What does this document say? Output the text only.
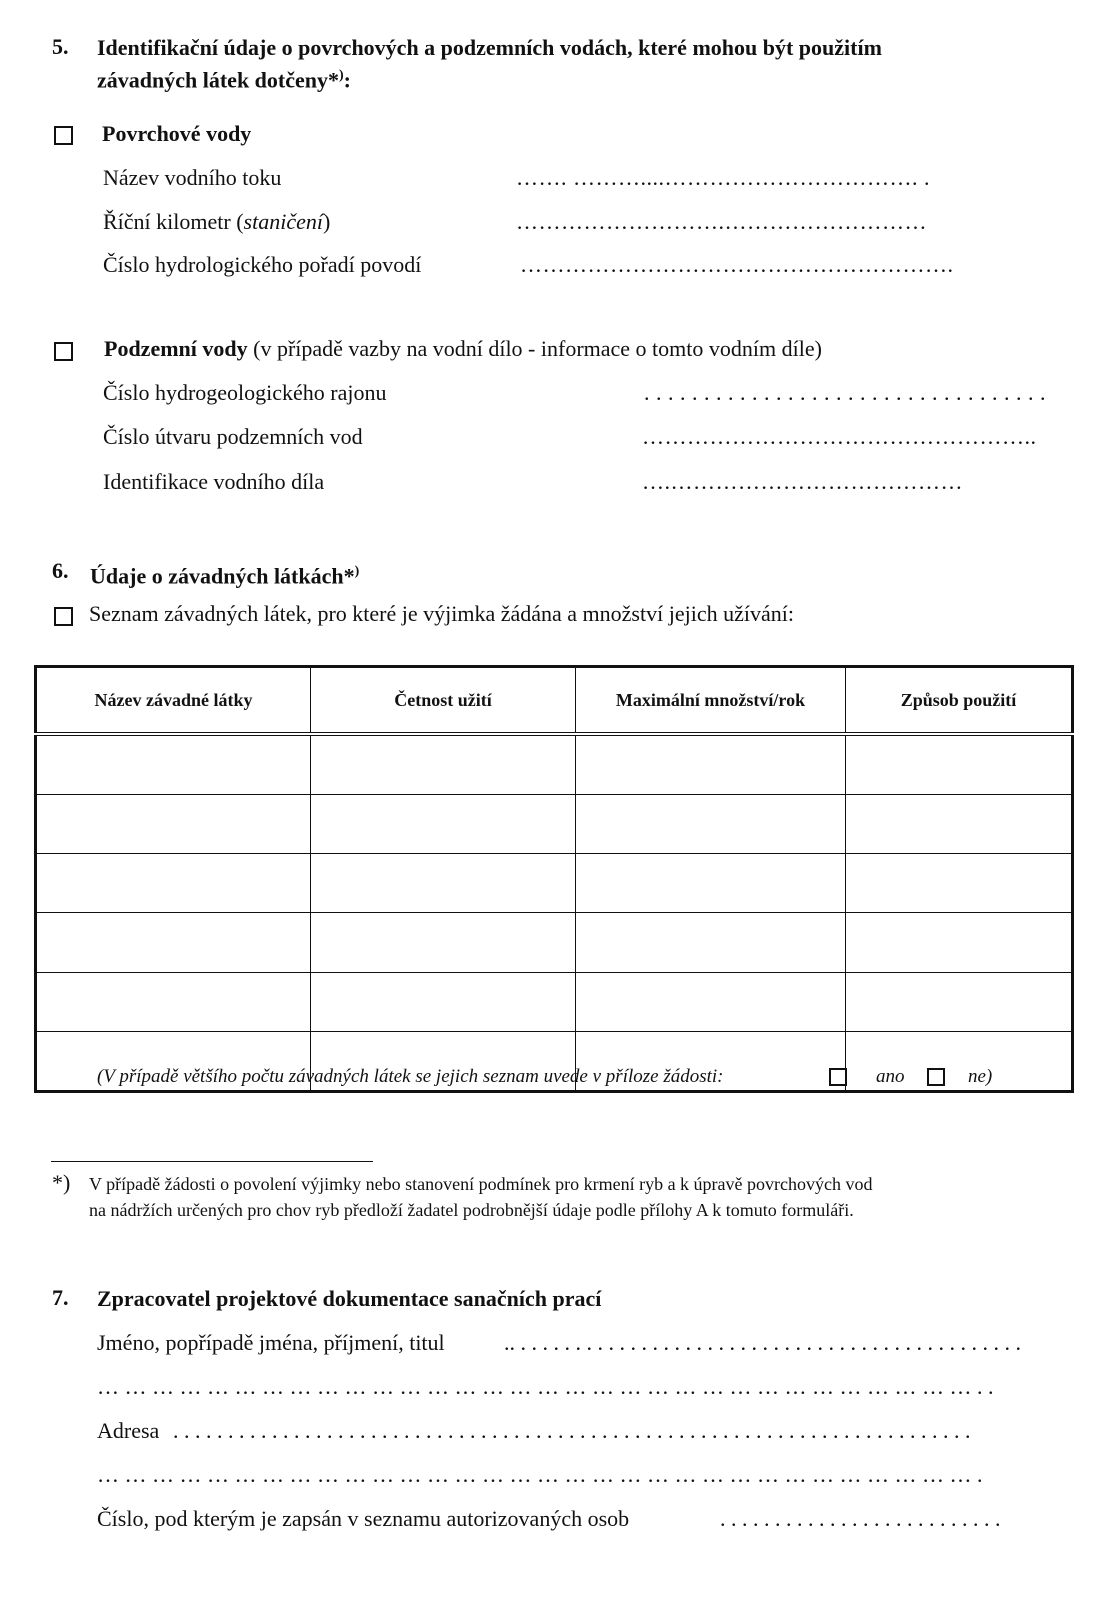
5. Identifikační údaje o povrchových a podzemních vodách, které mohou být použitím
závadných látek dotčeny*):
Povrchové vody
Název vodního toku	……. ………....……………………………. .
Říční kilometr (staničení)	……………………….………………………
Číslo hydrologického pořadí povodí	………………………………………………….
Podzemní vody (v případě vazby na vodní dílo - informace o tomto vodním díle)
Číslo hydrogeologického rajonu	. . . . . . . . . . . . . . . . . . . . . . . . . . . . . . . . . .
Číslo útvaru podzemních vod	……………………………………………..
Identifikace vodního díla	….…………………………………
6. Údaje o závadných látkách*)
Seznam závadných látek, pro které je výjimka žádána a množství jejich užívání:
Název závadné látky	Četnost užití	Maximální množství/rok	Způsob použití

(V případě většího počtu závadných látek se jejich seznam uvede v příloze žádosti:	ano	ne)
*) V případě žádosti o povolení výjimky nebo stanovení podmínek pro krmení ryb a k úpravě povrchových vod
na nádržích určených pro chov ryb předloží žadatel podrobnější údaje podle přílohy A k tomuto formuláři.
7. Zpracovatel projektové dokumentace sanačních prací
Jméno, popřípadě jména, příjmení, titul	.. . . . . . . . . . . . . . . . . . . . . . . . . . . . . . . . . . . . . . . . . . . . . . .
… … … … … … … … … … … … … … … … … … … … … … … … … … … … … … … … . .
Adresa . . . . . . . . . . . . . . . . . . . . . . . . . . . . . . . . . . . . . . . . . . . . . . . . . . . . . . . . . . . . . . . . . . . . . . . . .
… … … … … … … … … … … … … … … … … … … … … … … … … … … … … … … … .
Číslo, pod kterým je zapsán v seznamu autorizovaných osob	. . . . . . . . . . . . . . . . . . . . . . . . . .
